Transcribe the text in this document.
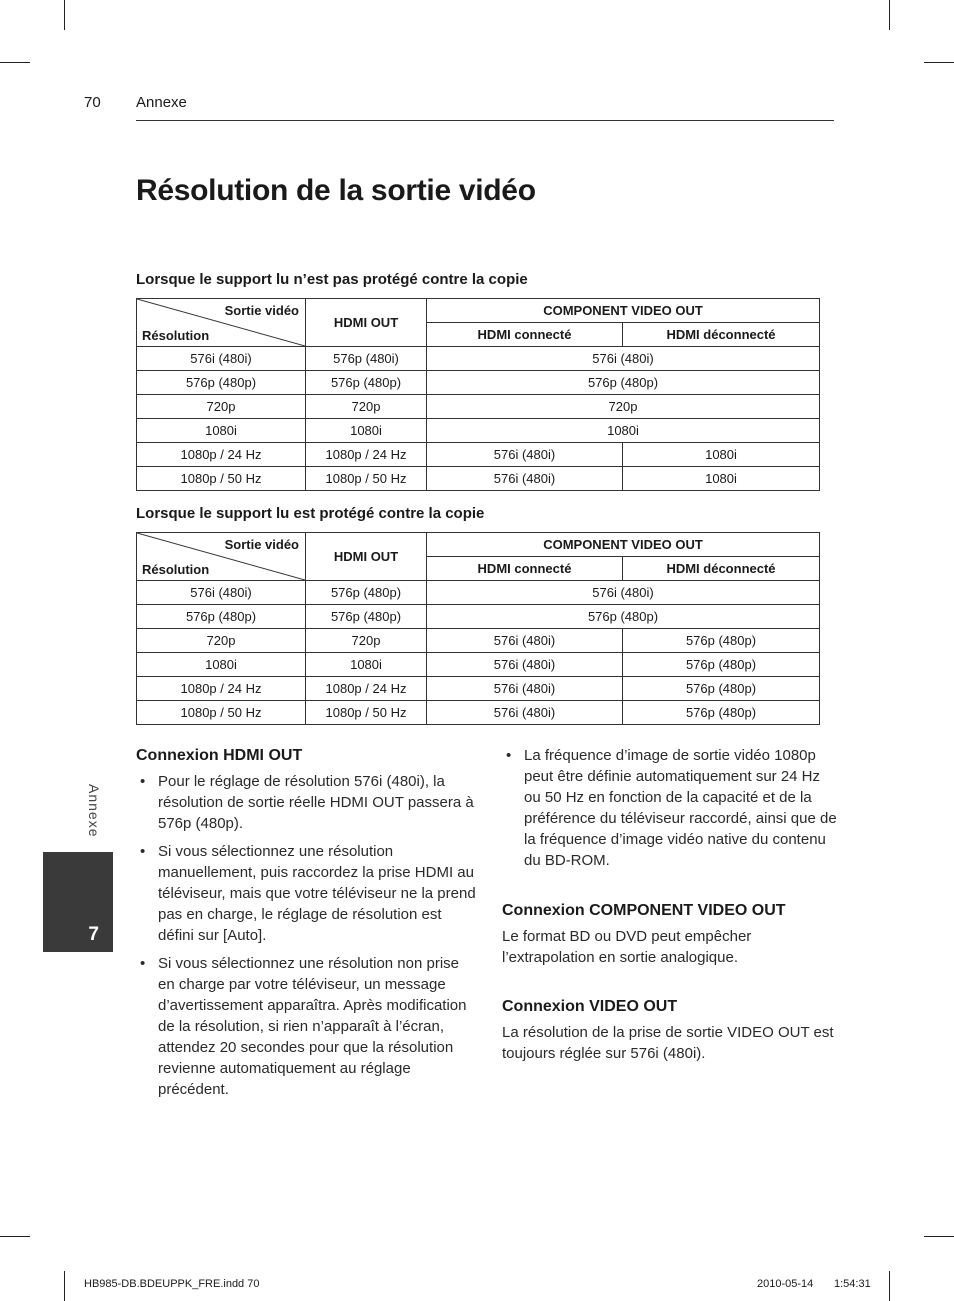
70 Annexe
Résolution de la sortie vidéo
Lorsque le support lu n’est pas protégé contre la copie
Sortie vidéo
Résolution	HDMI OUT	COMPONENT VIDEO OUT	
		HDMI connecté	HDMI déconnecté
576i (480i)	576p (480i)	576i (480i)	
576p (480p)	576p (480p)	576p (480p)	
720p	720p	720p	
1080i	1080i	1080i	
1080p / 24 Hz	1080p / 24 Hz	576i (480i)	1080i
1080p / 50 Hz	1080p / 50 Hz	576i (480i)	1080i
Lorsque le support lu est protégé contre la copie
Sortie vidéo
Résolution	HDMI OUT	COMPONENT VIDEO OUT	
		HDMI connecté	HDMI déconnecté
576i (480i)	576p (480p)	576i (480i)	
576p (480p)	576p (480p)	576p (480p)	
720p	720p	576i (480i)	576p (480p)
1080i	1080i	576i (480i)	576p (480p)
1080p / 24 Hz	1080p / 24 Hz	576i (480i)	576p (480p)
1080p / 50 Hz	1080p / 50 Hz	576i (480i)	576p (480p)
Annexe
7
Connexion HDMI OUT
• Pour le réglage de résolution 576i (480i), la résolution de sortie réelle HDMI OUT passera à 576p (480p).
• Si vous sélectionnez une résolution manuellement, puis raccordez la prise HDMI au téléviseur, mais que votre téléviseur ne la prend pas en charge, le réglage de résolution est défini sur [Auto].
• Si vous sélectionnez une résolution non prise en charge par votre téléviseur, un message d’avertissement apparaîtra. Après modification de la résolution, si rien n’apparaît à l’écran, attendez 20 secondes pour que la résolution revienne automatiquement au réglage précédent.
• La fréquence d’image de sortie vidéo 1080p peut être définie automatiquement sur 24 Hz ou 50 Hz en fonction de la capacité et de la préférence du téléviseur raccordé, ainsi que de la fréquence d’image vidéo native du contenu du BD-ROM.
Connexion COMPONENT VIDEO OUT

Le format BD ou DVD peut empêcher l’extrapolation en sortie analogique.

Connexion VIDEO OUT

La résolution de la prise de sortie VIDEO OUT est toujours réglée sur 576i (480i).

HB985-DB.BDEUPPK_FRE.indd 70	2010-05-14 1:54:31
